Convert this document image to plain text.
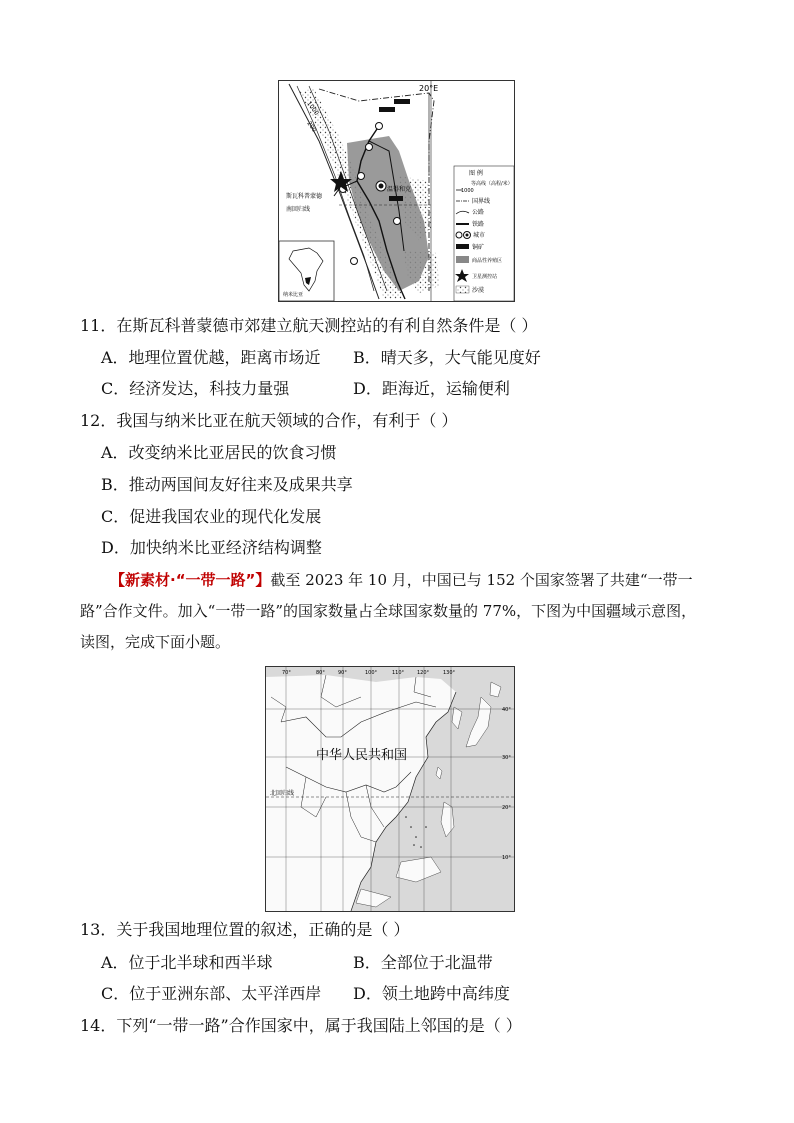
20°E
1000
200
斯瓦科普蒙德
南回归线
温得和克
纳米比亚
图 例
等高线（高程/米）
1000
国界线
公路
铁路
城市
铜矿
商品性养殖区
卫星测控站
沙漠
11．在斯瓦科普蒙德市郊建立航天测控站的有利自然条件是（ ）
A．地理位置优越，距离市场近 B．晴天多，大气能见度好
C．经济发达，科技力量强	D．距海近，运输便利
12．我国与纳米比亚在航天领域的合作，有利于（ ）
A．改变纳米比亚居民的饮食习惯
B．推动两国间友好往来及成果共享
C．促进我国农业的现代化发展
D．加快纳米比亚经济结构调整
【新素材·“一带一路”】截至 2023 年 10 月，中国已与 152 个国家签署了共建“一带一
路”合作文件。加入“一带一路”的国家数量占全球国家数量的 77%，下图为中国疆域示意图，
读图，完成下面小题。
中华人民共和国
北回归线
70°	80°	90°	100°	110°	120°	130°
40°
30°
20°
10°
13．关于我国地理位置的叙述，正确的是（ ）
A．位于北半球和西半球	B．全部位于北温带
C．位于亚洲东部、太平洋西岸 D．领土地跨中高纬度
14．下列“一带一路”合作国家中，属于我国陆上邻国的是（ ）
